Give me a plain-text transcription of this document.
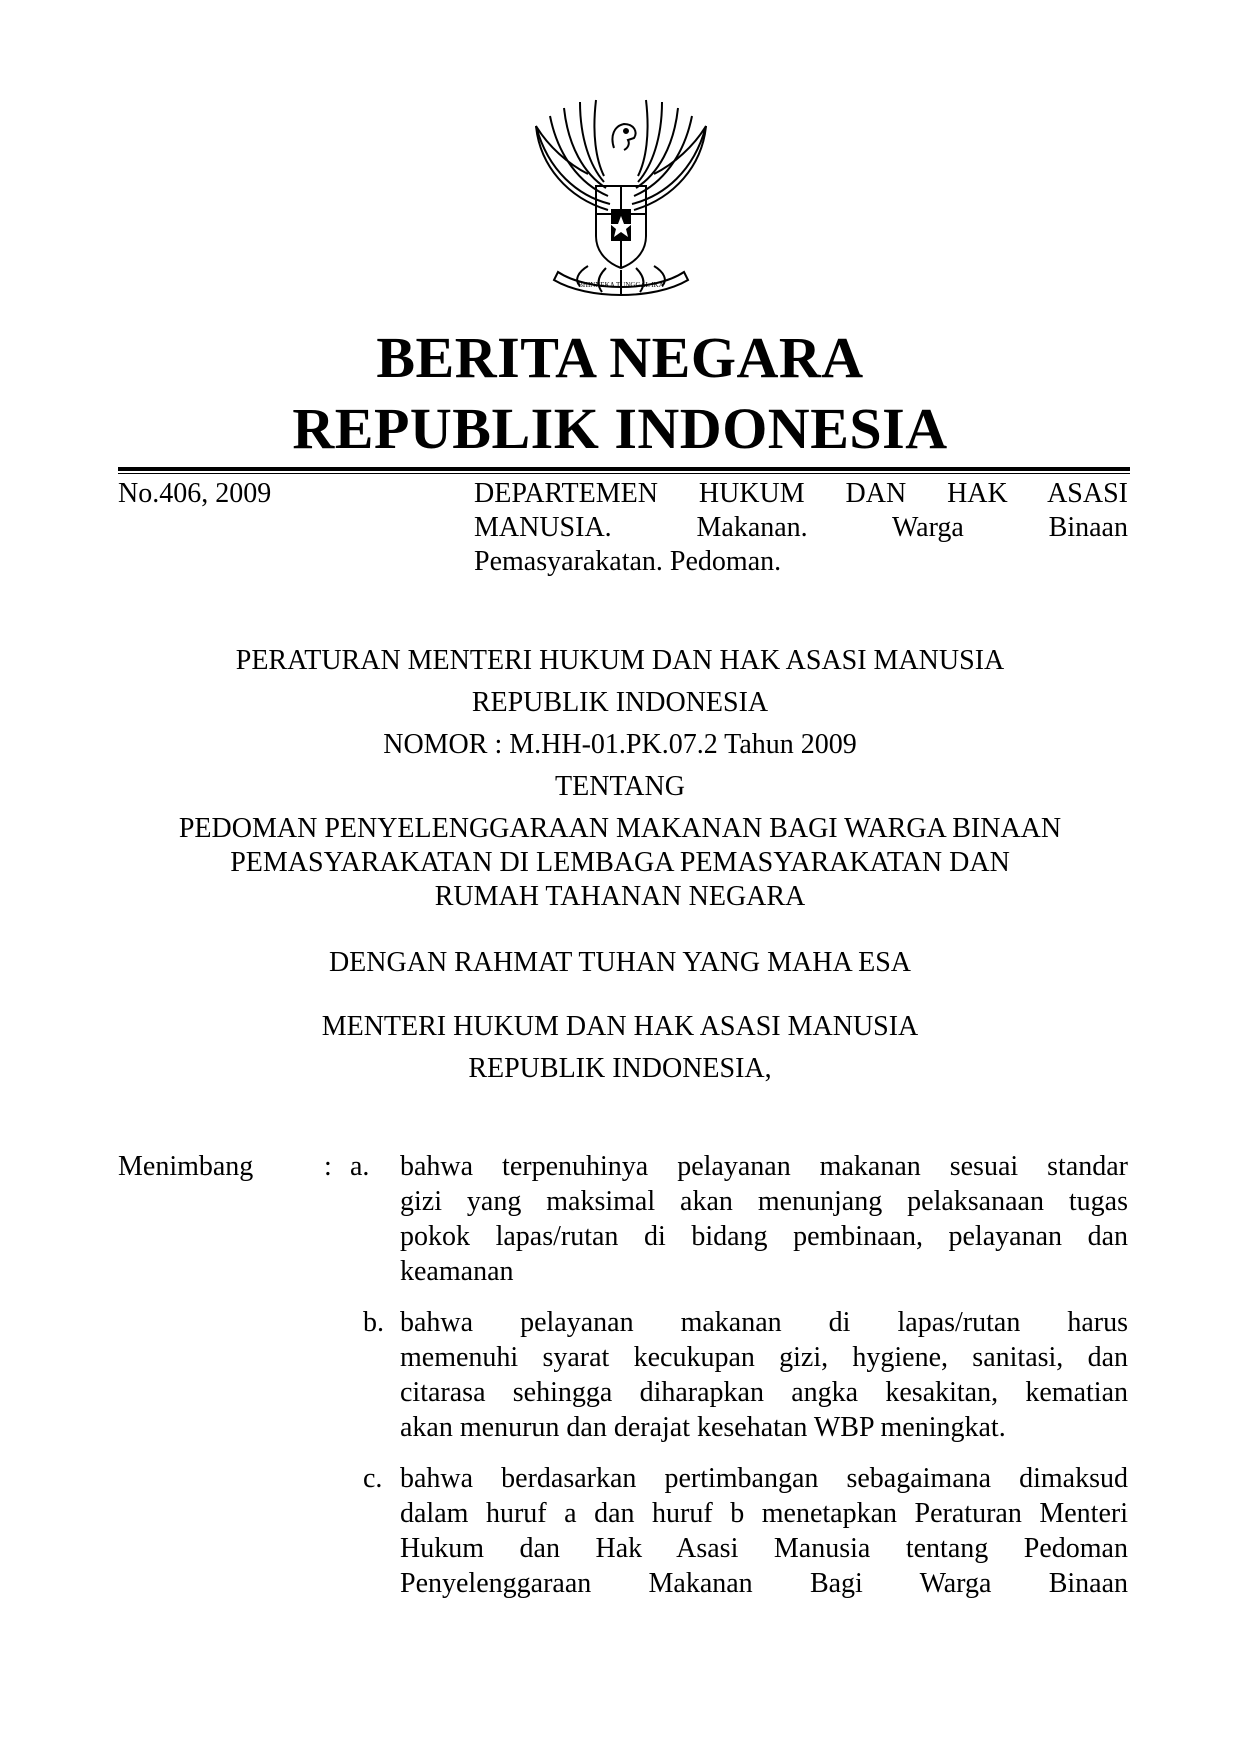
BHINNEKA TUNGGAL IKA
BERITA NEGARA
REPUBLIK INDONESIA
No.406, 2009	DEPARTEMEN HUKUM DAN HAK ASASI
MANUSIA. Makanan. Warga Binaan
Pemasyarakatan. Pedoman.
PERATURAN MENTERI HUKUM DAN HAK ASASI MANUSIA
REPUBLIK INDONESIA
NOMOR : M.HH-01.PK.07.2 Tahun 2009
TENTANG
PEDOMAN PENYELENGGARAAN MAKANAN BAGI WARGA BINAAN
PEMASYARAKATAN DI LEMBAGA PEMASYARAKATAN DAN
RUMAH TAHANAN NEGARA
DENGAN RAHMAT TUHAN YANG MAHA ESA
MENTERI HUKUM DAN HAK ASASI MANUSIA
REPUBLIK INDONESIA,
Menimbang	: a. bahwa terpenuhinya pelayanan makanan sesuai standar
gizi yang maksimal akan menunjang pelaksanaan tugas
pokok lapas/rutan di bidang pembinaan, pelayanan dan
keamanan
b. bahwa pelayanan makanan di lapas/rutan harus
memenuhi syarat kecukupan gizi, hygiene, sanitasi, dan
citarasa sehingga diharapkan angka kesakitan, kematian
akan menurun dan derajat kesehatan WBP meningkat.
c. bahwa berdasarkan pertimbangan sebagaimana dimaksud
dalam huruf a dan huruf b menetapkan Peraturan Menteri
Hukum dan Hak Asasi Manusia tentang Pedoman
Penyelenggaraan Makanan Bagi Warga Binaan
